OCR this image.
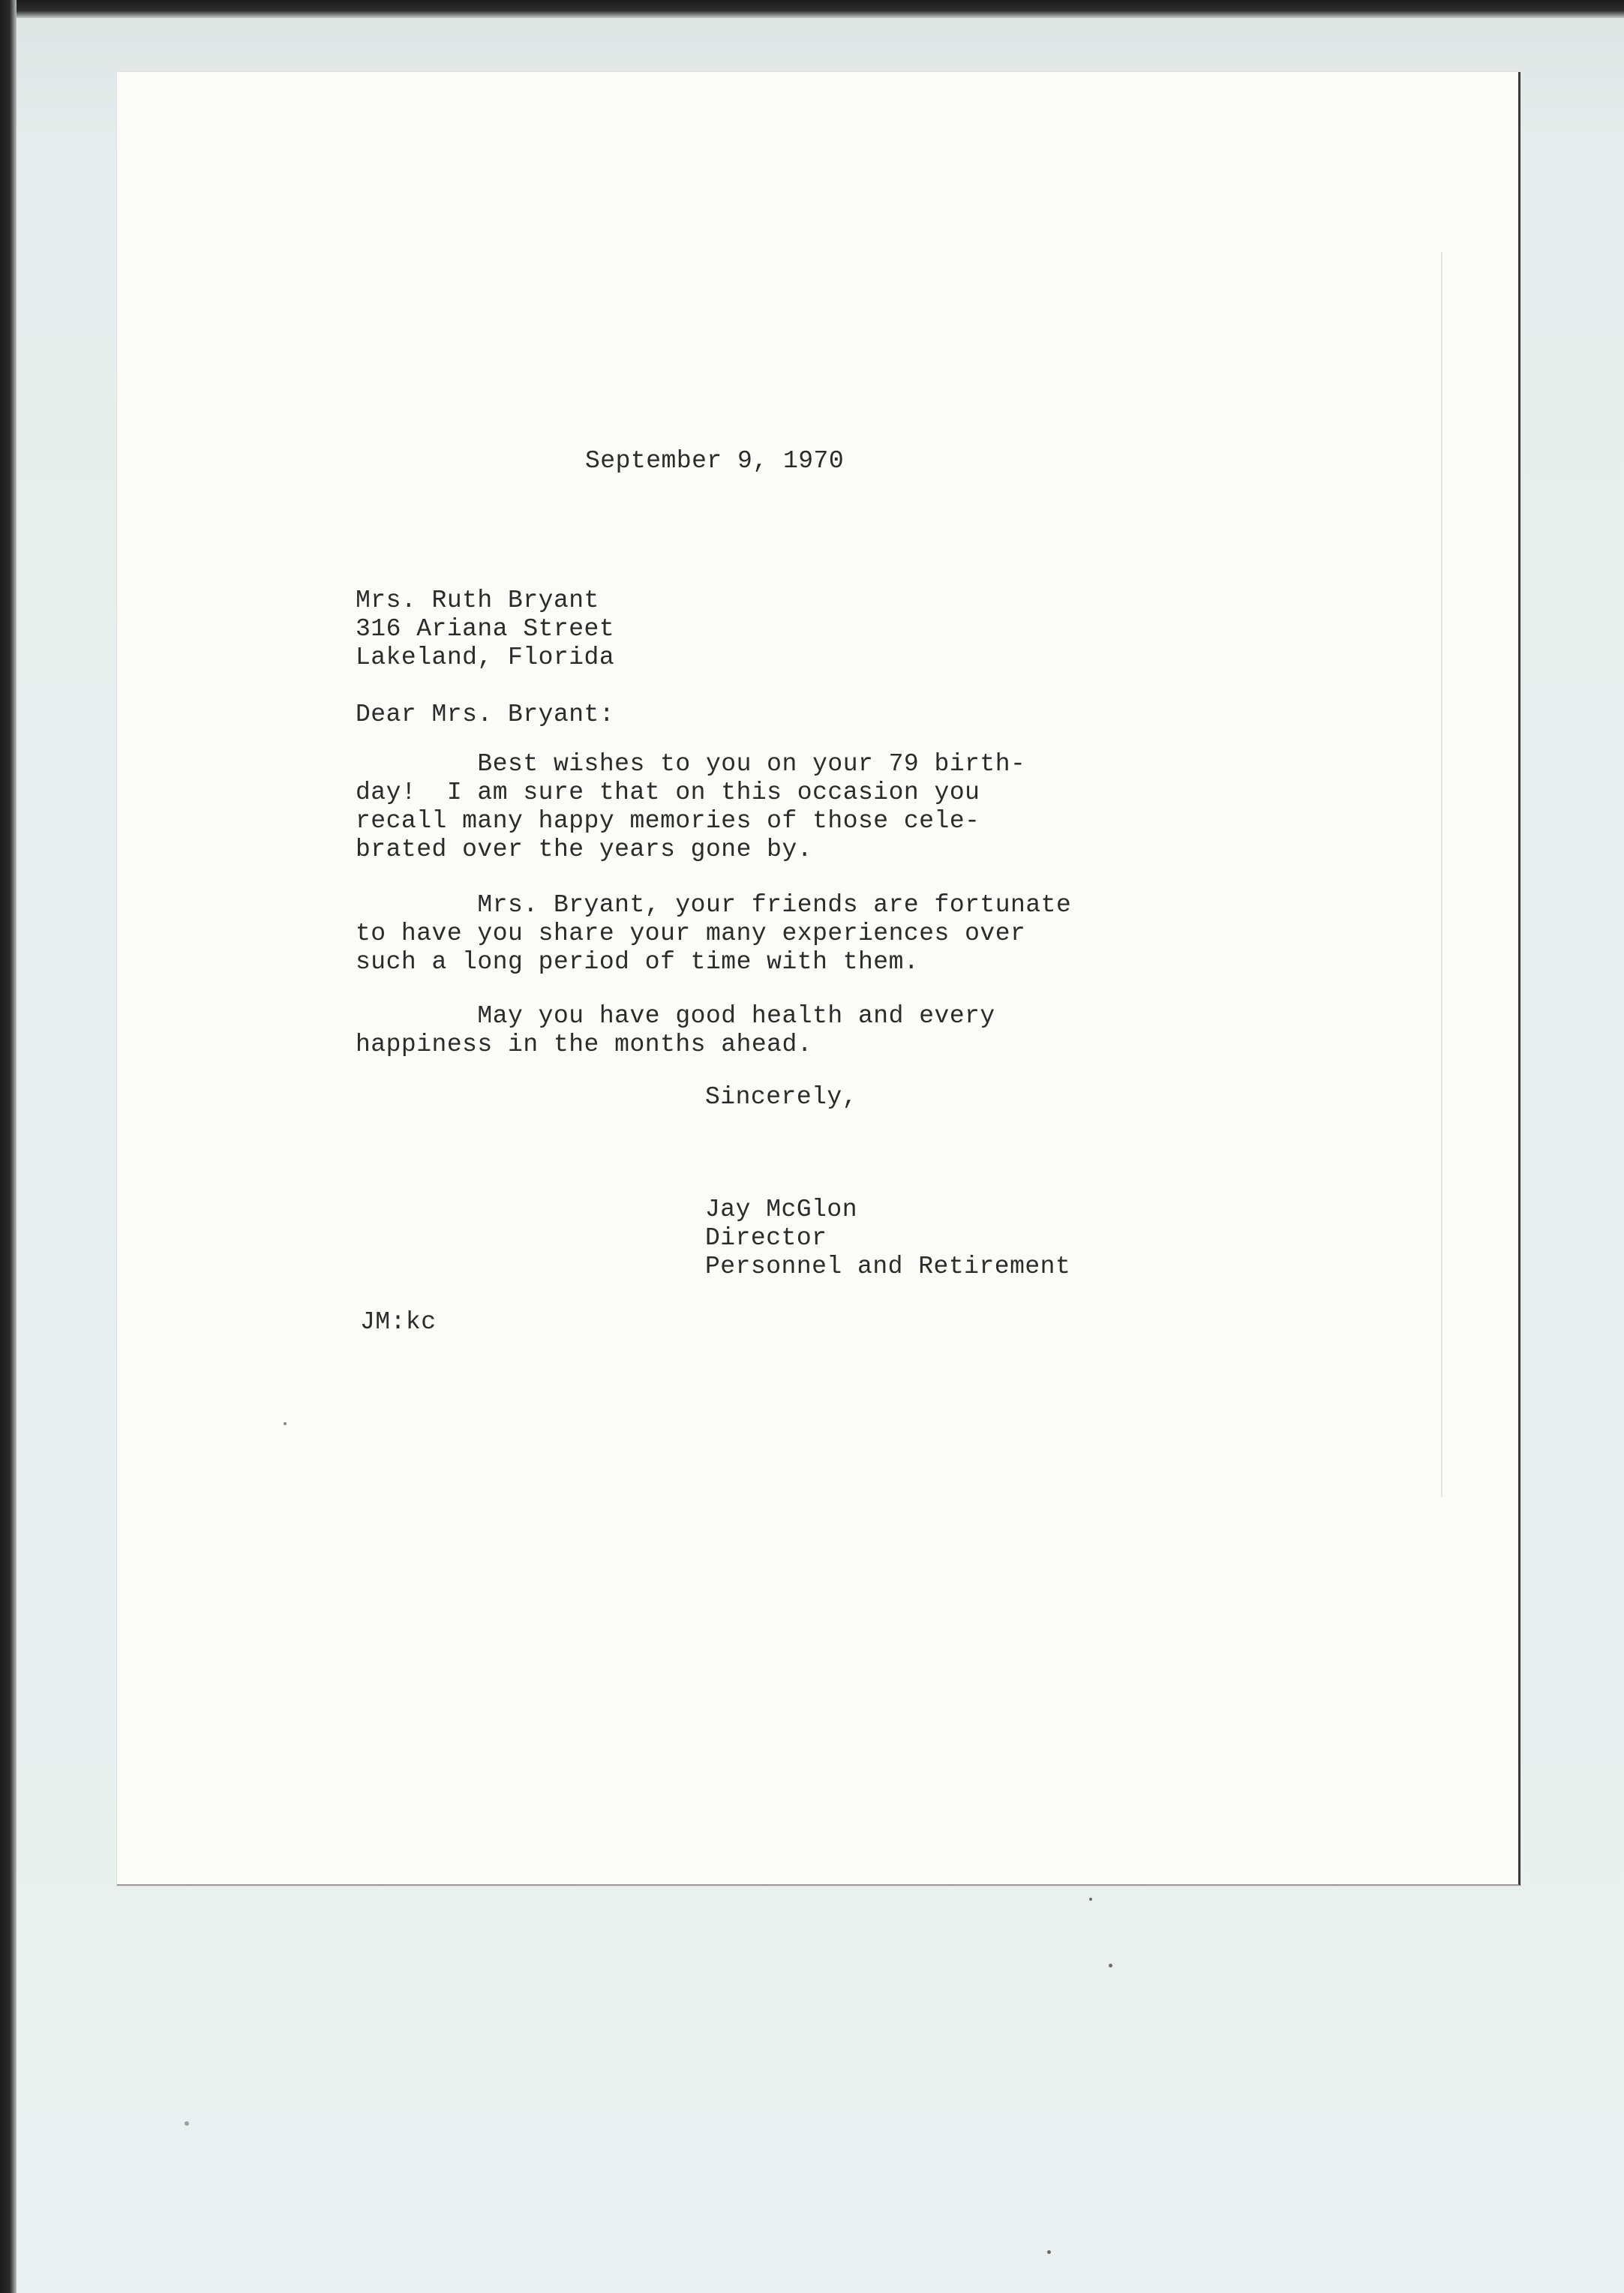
September 9, 1970
Mrs. Ruth Bryant
316 Ariana Street
Lakeland, Florida
Dear Mrs. Bryant:
Best wishes to you on your 79 birth-
day!  I am sure that on this occasion you
recall many happy memories of those cele-
brated over the years gone by.
Mrs. Bryant, your friends are fortunate
to have you share your many experiences over
such a long period of time with them.
May you have good health and every
happiness in the months ahead.
Sincerely,
Jay McGlon
Director
Personnel and Retirement
JM:kc
